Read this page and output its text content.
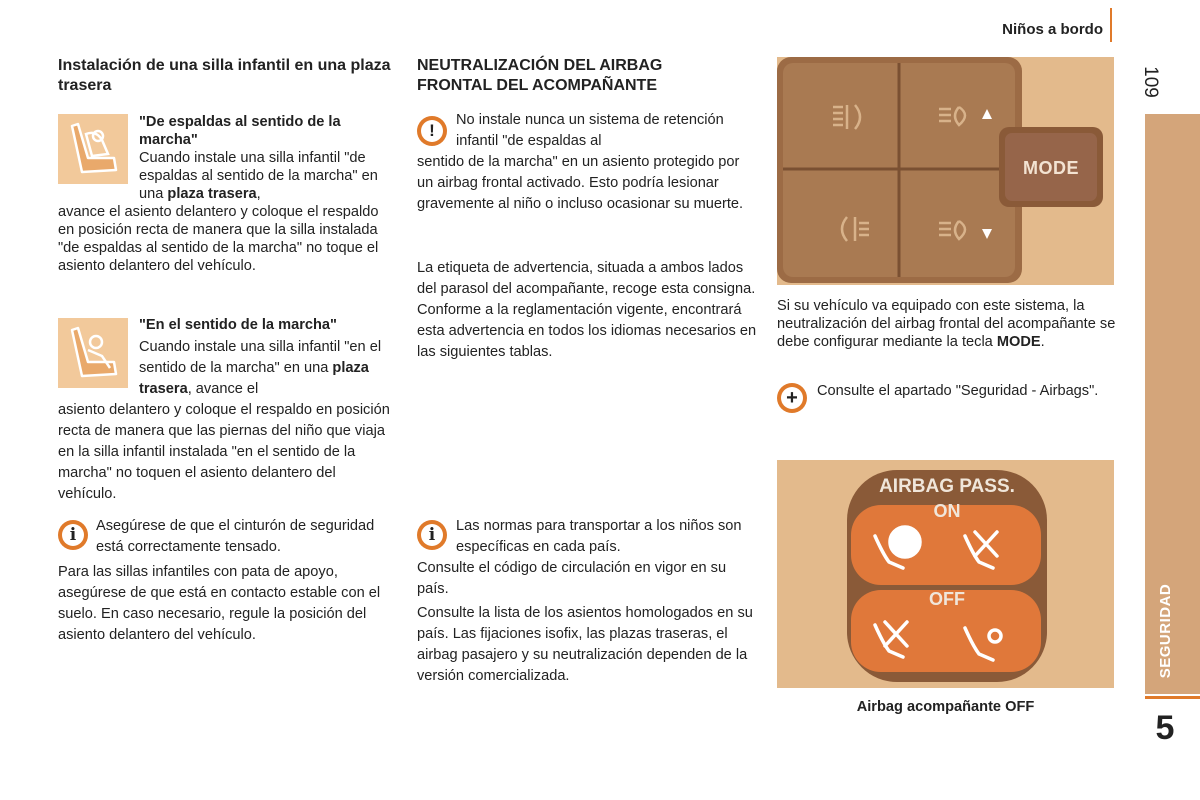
Niños a bordo
109
SEGURIDAD
5
Instalación de una silla infantil en una plaza trasera
"De espaldas al sentido de la marcha"
Cuando instale una silla infantil "de espaldas al sentido de la marcha" en una plaza trasera,
avance el asiento delantero y coloque el respaldo en posición recta de manera que la silla instalada "de espaldas al sentido de la marcha" no toque el asiento delantero del vehículo.
"En el sentido de la marcha"
Cuando instale una silla infantil "en el sentido de la marcha" en una plaza trasera, avance el
asiento delantero y coloque el respaldo en posición recta de manera que las piernas del niño que viaja en la silla infantil instalada "en el sentido de la marcha" no toquen el asiento delantero del vehículo.
i	Asegúrese de que el cinturón de seguridad está correctamente tensado.
Para las sillas infantiles con pata de apoyo, asegúrese de que está en contacto estable con el suelo. En caso necesario, regule la posición del asiento delantero del vehículo.
NEUTRALIZACIÓN DEL AIRBAG FRONTAL DEL ACOMPAÑANTE
!
No instale nunca un sistema de retención infantil "de espaldas al
sentido de la marcha" en un asiento protegido por un airbag frontal activado. Esto podría lesionar gravemente al niño o incluso ocasionar su muerte.
La etiqueta de advertencia, situada a ambos lados del parasol del acompañante, recoge esta consigna. Conforme a la reglamentación vigente, encontrará esta advertencia en todos los idiomas necesarios en las siguientes tablas.
i	Las normas para transportar a los niños son específicas en cada país.
Consulte el código de circulación en vigor en su país.
Consulte la lista de los asientos homologados en su país. Las fijaciones isofix, las plazas traseras, el airbag pasajero y su neutralización dependen de la versión comercializada.
MODE
Si su vehículo va equipado con este sistema, la neutralización del airbag frontal del acompañante se debe configurar mediante la tecla MODE.
+	Consulte el apartado "Seguridad - Airbags".
AIRBAG PASS.
ON
OFF
Airbag acompañante OFF
